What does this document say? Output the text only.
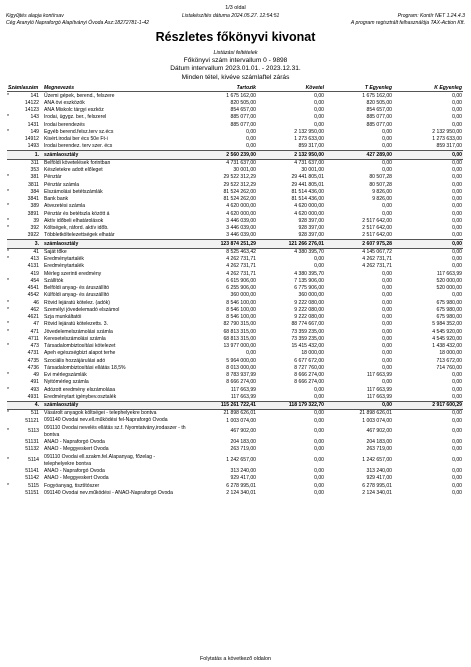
1/3 oldal
Kigyűjtés alapja kontírsav	Listakészítés dátuma 2024.05.27. 12:54:51	Program: Kontír NET 1.24.4.3
Cég Aranyló Napraforgó Alapítványi Óvoda Asz:18272781-1-42	A program regisztrált felhasználója TAX-Action Kft.
Részletes főkönyvi kivonat
Listázási feltételek
Főkönyvi szám intervallum 0 - 9898
Dátum intervallum 2023.01.01. - 2023.12.31.
Minden tétel, kivéve számlaftel zárás
Számlaszám		Megnevezés	Tartozik	Követel	T Egyenleg	K Egyenleg
*	141	Üzemi gépek, berend., felszere	1 675 162,00	0,00	1 675 162,00	0,00
	14122	ANA övi eszközök	820 505,00	0,00	820 505,00	0,00
	14123	ANA Miskolc tárgyi eszköz	854 657,00	0,00	854 657,00	0,00
*	143	Irodai, ügygz. ber., felszerel	885 077,00	0,00	885 077,00	0,00
	1431	Irodai berendezés	885 077,00	0,00	885 077,00	0,00
*	149	Egyéb berend.felsz.terv sz.écs	0,00	2 132 950,00	0,00	2 132 950,00
	14912	Kisért.irodai ber écs 50e Ft-i	0,00	1 273 633,00	0,00	1 273 633,00
	1493	Irodai berendez. terv szer. écs	0,00	859 317,00	0,00	859 317,00
	1.	számlaosztály	2 560 239,00	2 132 950,00	427 289,00	0,00
	311	Belföldi követelések forintban	4 731 637,00	4 731 637,00	0,00	0,00
	353	Készletekre adott előleget	30 001,00	30 001,00	0,00	0,00
*	381	Pénztár	29 522 312,29	29 441 805,01	80 507,28	0,00
	3811	Pénztár számla	29 522 312,29	29 441 805,01	80 507,28	0,00
*	384	Elszámolási betétszámlák	81 524 262,00	81 514 436,00	9 826,00	0,00
	3841	Bank bank	81 524 262,00	81 514 436,00	9 826,00	0,00
*	389	Átvezetési számla	4 620 000,00	4 620 000,00	0,00	0,00
	3891	Pénztár és betétszla között á	4 620 000,00	4 620 000,00	0,00	0,00
*	39	Aktív időbeli elhatárolások	3 446 039,00	928 397,00	2 517 642,00	0,00
*	392	Költségek, ráford. aktív időb.	3 446 039,00	928 397,00	2 517 642,00	0,00
	3922	Többletköltelezettségek elhatár	3 446 039,00	928 397,00	2 517 642,00	0,00
	3.	számlaosztály	123 874 251,29	121 266 276,01	2 607 975,28	0,00
*	41	Saját tőke	8 525 463,42	4 380 395,70	4 145 067,72	0,00
*	413	Eredménytartalék	4 262 731,71	0,00	4 262 731,71	0,00
	4131	Eredménytartalék	4 262 731,71	0,00	4 262 731,71	0,00
	419	Mérleg szerinti eredmény	4 262 731,71	4 380 395,70	0,00	117 663,99
*	454	Szállítók	6 615 906,00	7 135 906,00	0,00	520 000,00
	4541	Belföldi anyag- és áruszállító	6 255 906,00	6 775 906,00	0,00	520 000,00
	4542	Külföldi anyag- és áruszállító	360 000,00	360 000,00	0,00	0,00
*	46	Rövid lejáratú kötelez. (adók)	8 546 100,00	9 222 080,00	0,00	675 980,00
*	462	Személyi jövedelemadó elszámol	8 546 100,00	9 222 080,00	0,00	675 980,00
	4621	Szja munkáltatói	8 546 100,00	9 222 080,00	0,00	675 980,00
*	47	Rövid lejáratú kötelezetts. 3.	82 790 315,00	88 774 667,00	0,00	5 984 352,00
*	471	Jövedelemelszámolási számla	68 813 315,00	73 359 235,00	0,00	4 545 920,00
	4711	Keresetelszámolási számla	68 813 315,00	73 359 235,00	0,00	4 545 920,00
*	473	Társadalombiztosítási kötelezet	13 977 000,00	15 415 432,00	0,00	1 438 432,00
	4731	Apeh egészségbizt alapot terhe	0,00	18 000,00	0,00	18 000,00
	4735	Szociális hozzájárulási adó	5 964 000,00	6 677 672,00	0,00	713 672,00
	4736	Társadalombiztosítási ellátás 18,5%	8 013 000,00	8 727 760,00	0,00	714 760,00
*	49	Évi mérlegszámlák	8 783 937,99	8 666 274,00	117 663,99	0,00
	491	Nyitómérleg számla	8 666 274,00	8 666 274,00	0,00	0,00
*	493	Adózott eredmény elszámolása	117 663,99	0,00	117 663,99	0,00
	4931	Eredménytart igénybev.osztalék	117 663,99	0,00	117 663,99	0,00
	4.	számlaosztály	115 261 722,41	118 179 322,70	0,00	2 917 600,29
*	511	Vásárolt anyagok költségei - telephelyekre bontva	21 898 626,01	0,00	21 898 626,01	0,00
	51121	091140 Óvodai nev.ell.működési fel-Napraforgó Óvoda	1 003 074,00	0,00	1 003 074,00	0,00
*	5113	091110 Óvodai nevelés ellátás sz.f. Nyomtatvány,irodaszer - th bontva	467 902,00	0,00	467 902,00	0,00
	51131	ANAÓ - Napraforgó Óvoda	204 183,00	0,00	204 183,00	0,00
	51132	ANAÓ - Meggyeskert Óvoda	263 719,00	0,00	263 719,00	0,00
*	5114	091110 Óvodai ell.szakm.fel.Alapanyag, főzelag - telephelyekre bontva	1 242 657,00	0,00	1 242 657,00	0,00
	51141	ANAÓ - Napraforgó Óvoda	313 240,00	0,00	313 240,00	0,00
	51142	ANAÓ - Meggyeskert Óvoda	929 417,00	0,00	929 417,00	0,00
*	5115	Fogyóanyag, tisztítószer	6 278 995,01	0,00	6 278 995,01	0,00
	51151	091140 Óvodai nev.működési - ANAÓ-Napraforgó Óvoda	2 124 340,01	0,00	2 124 340,01	0,00
Folytatás a következő oldalon
